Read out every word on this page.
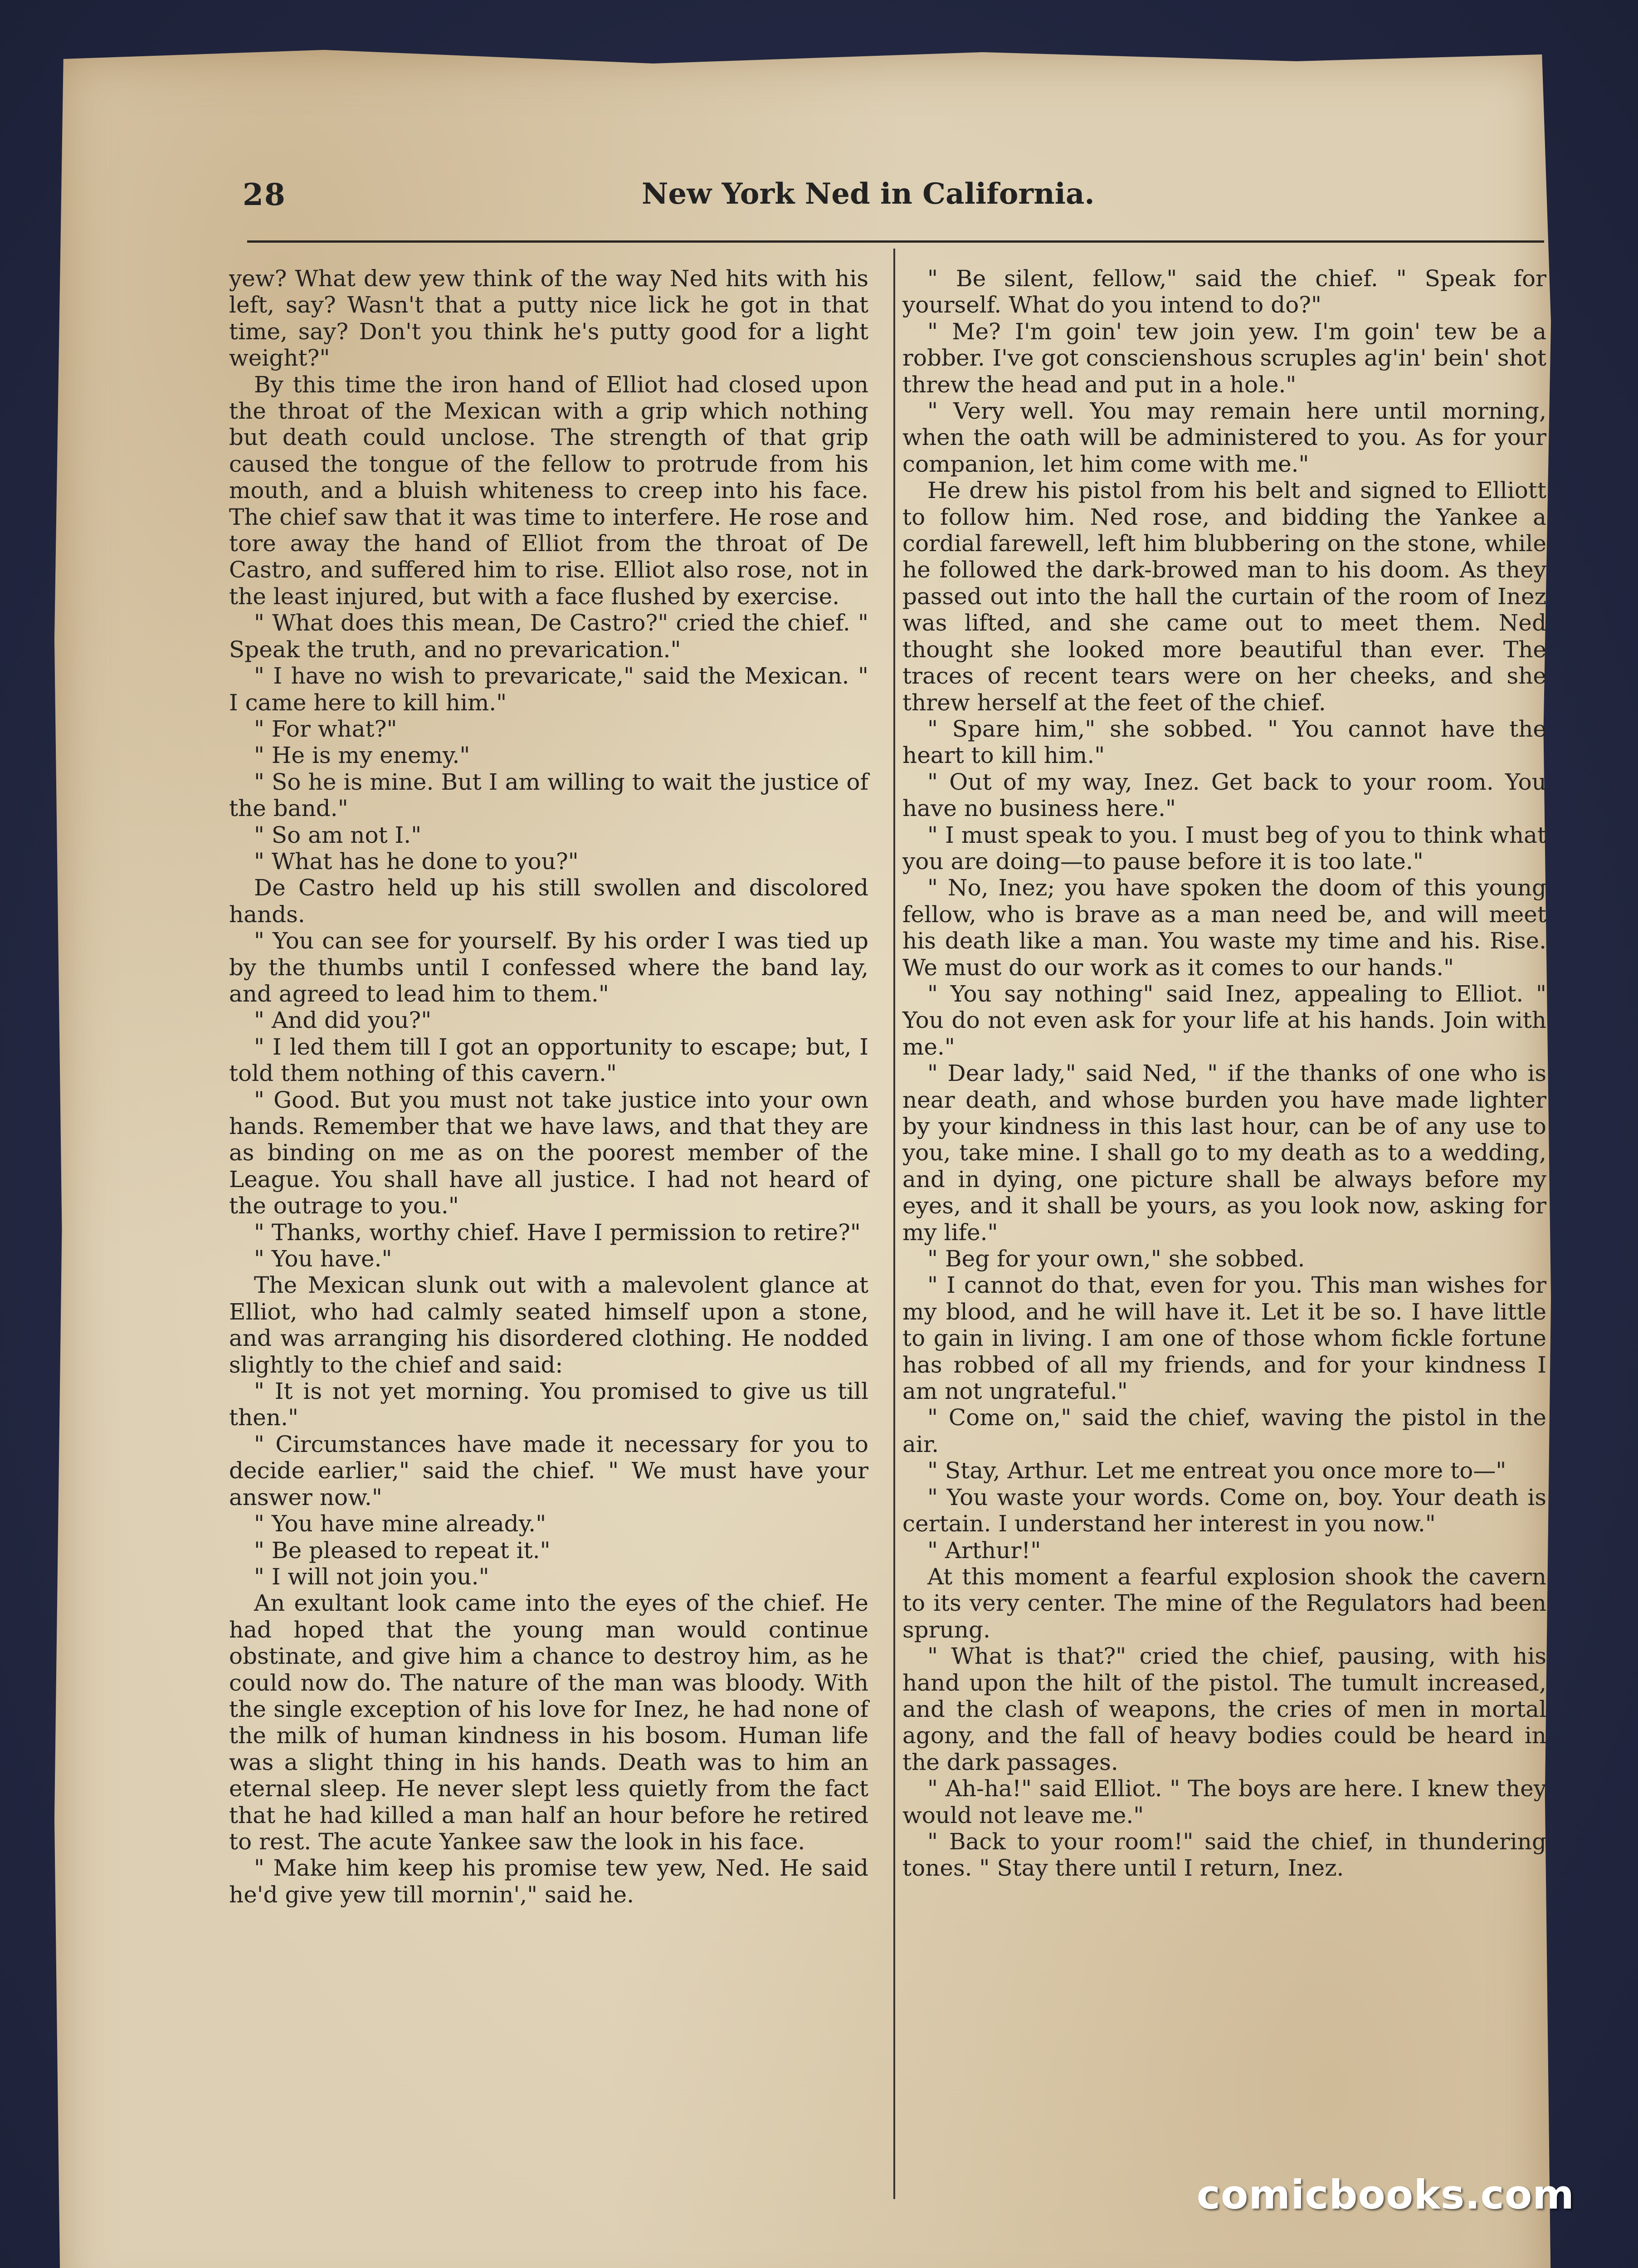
28	New York Ned in California.

yew? What dew yew think of the way Ned hits with his left, say? Wasn't that a putty nice lick he got in that time, say? Don't you think he's putty good for a light weight?"

By this time the iron hand of Elliot had closed upon the throat of the Mexican with a grip which nothing but death could unclose. The strength of that grip caused the tongue of the fellow to protrude from his mouth, and a bluish whiteness to creep into his face. The chief saw that it was time to interfere. He rose and tore away the hand of Elliot from the throat of De Castro, and suffered him to rise. Elliot also rose, not in the least injured, but with a face flushed by exercise.

" What does this mean, De Castro?" cried the chief. " Speak the truth, and no prevarication."

" I have no wish to prevaricate," said the Mexican. " I came here to kill him."

" For what?"

" He is my enemy."

" So he is mine. But I am willing to wait the justice of the band."

" So am not I."

" What has he done to you?"

De Castro held up his still swollen and discolored hands.

" You can see for yourself. By his order I was tied up by the thumbs until I confessed where the band lay, and agreed to lead him to them."

" And did you?"

" I led them till I got an opportunity to escape; but, I told them nothing of this cavern."

" Good. But you must not take justice into your own hands. Remember that we have laws, and that they are as binding on me as on the poorest member of the League. You shall have all justice. I had not heard of the outrage to you."

" Thanks, worthy chief. Have I permission to retire?"

" You have."

The Mexican slunk out with a malevolent glance at Elliot, who had calmly seated himself upon a stone, and was arranging his disordered clothing. He nodded slightly to the chief and said:

" It is not yet morning. You promised to give us till then."

" Circumstances have made it necessary for you to decide earlier," said the chief. " We must have your answer now."

" You have mine already."

" Be pleased to repeat it."

" I will not join you."

An exultant look came into the eyes of the chief. He had hoped that the young man would continue obstinate, and give him a chance to destroy him, as he could now do. The nature of the man was bloody. With the single exception of his love for Inez, he had none of the milk of human kindness in his bosom. Human life was a slight thing in his hands. Death was to him an eternal sleep. He never slept less quietly from the fact that he had killed a man half an hour before he retired to rest. The acute Yankee saw the look in his face.

" Make him keep his promise tew yew, Ned. He said he'd give yew till mornin'," said he.

" Be silent, fellow," said the chief. " Speak for yourself. What do you intend to do?"

" Me? I'm goin' tew join yew. I'm goin' tew be a robber. I've got conscienshous scruples ag'in' bein' shot threw the head and put in a hole."

" Very well. You may remain here until morning, when the oath will be administered to you. As for your companion, let him come with me."

He drew his pistol from his belt and signed to Elliott to follow him. Ned rose, and bidding the Yankee a cordial farewell, left him blubbering on the stone, while he followed the dark-browed man to his doom. As they passed out into the hall the curtain of the room of Inez was lifted, and she came out to meet them. Ned thought she looked more beautiful than ever. The traces of recent tears were on her cheeks, and she threw herself at the feet of the chief.

" Spare him," she sobbed. " You cannot have the heart to kill him."

" Out of my way, Inez. Get back to your room. You have no business here."

" I must speak to you. I must beg of you to think what you are doing—to pause before it is too late."

" No, Inez; you have spoken the doom of this young fellow, who is brave as a man need be, and will meet his death like a man. You waste my time and his. Rise. We must do our work as it comes to our hands."

" You say nothing" said Inez, appealing to Elliot. " You do not even ask for your life at his hands. Join with me."

" Dear lady," said Ned, " if the thanks of one who is near death, and whose burden you have made lighter by your kindness in this last hour, can be of any use to you, take mine. I shall go to my death as to a wedding, and in dying, one picture shall be always before my eyes, and it shall be yours, as you look now, asking for my life."

" Beg for your own," she sobbed.

" I cannot do that, even for you. This man wishes for my blood, and he will have it. Let it be so. I have little to gain in living. I am one of those whom fickle fortune has robbed of all my friends, and for your kindness I am not ungrateful."

" Come on," said the chief, waving the pistol in the air.

" Stay, Arthur. Let me entreat you once more to—"

" You waste your words. Come on, boy. Your death is certain. I understand her interest in you now."

" Arthur!"

At this moment a fearful explosion shook the cavern to its very center. The mine of the Regulators had been sprung.

" What is that?" cried the chief, pausing, with his hand upon the hilt of the pistol. The tumult increased, and the clash of weapons, the cries of men in mortal agony, and the fall of heavy bodies could be heard in the dark passages.

" Ah-ha!" said Elliot. " The boys are here. I knew they would not leave me."

" Back to your room!" said the chief, in thundering tones. " Stay there until I return, Inez.

comicbooks.com
